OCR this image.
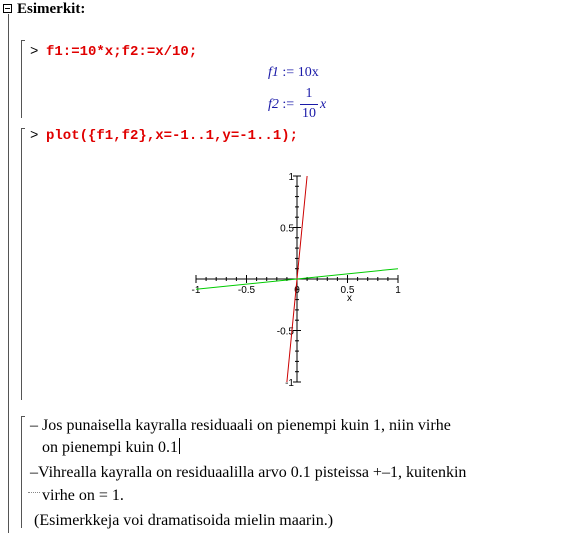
Esimerkit:
> f1:=10*x;f2:=x/10;
f1 := 10x
f2 :=
1
10
x
> plot({f1,f2},x=-1..1,y=-1..1);
-1	-0.5	0	0.5	1
1
0.5
-0.5
-1
x
– Jos punaisella kayralla residuaali on pienempi kuin 1, niin virhe
on pienempi kuin 0.1
–Vihrealla kayralla on residuaalilla arvo 0.1 pisteissa +–1, kuitenkin
virhe on = 1.
(Esimerkkeja voi dramatisoida mielin maarin.)
